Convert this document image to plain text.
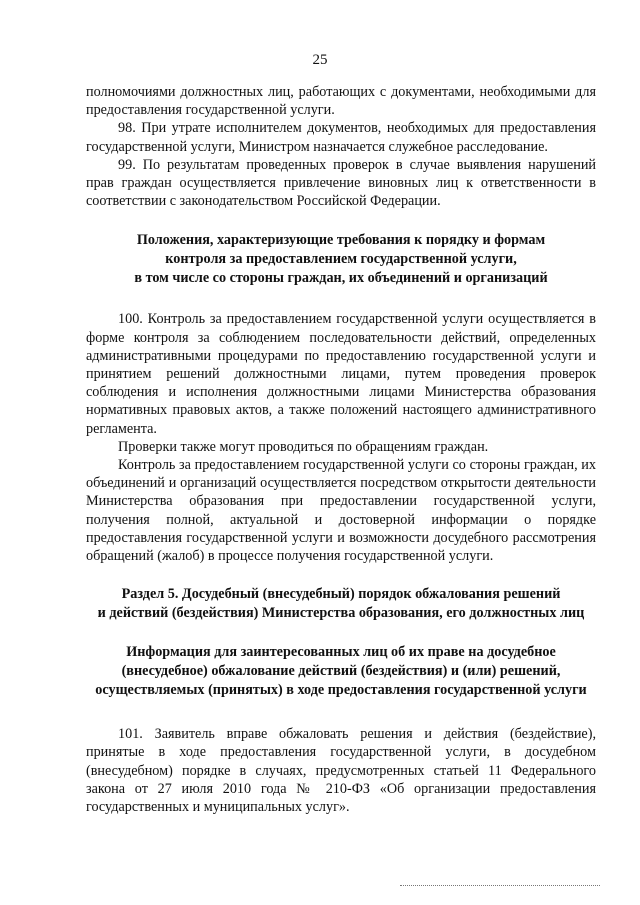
25

полномочиями должностных лиц, работающих с документами, необходимыми для предоставления государственной услуги.

98. При утрате исполнителем документов, необходимых для предоставления государственной услуги, Министром назначается служебное расследование.

99. По результатам проведенных проверок в случае выявления нарушений прав граждан осуществляется привлечение виновных лиц к ответственности в соответствии с законодательством Российской Федерации.

Положения, характеризующие требования к порядку и формам
контроля за предоставлением государственной услуги,
в том числе со стороны граждан, их объединений и организаций

100. Контроль за предоставлением государственной услуги осуществляется в форме контроля за соблюдением последовательности действий, определенных административными процедурами по предоставлению государственной услуги и принятием решений должностными лицами, путем проведения проверок соблюдения и исполнения должностными лицами Министерства образования нормативных правовых актов, а также положений настоящего административного регламента.

Проверки также могут проводиться по обращениям граждан.

Контроль за предоставлением государственной услуги со стороны граждан, их объединений и организаций осуществляется посредством открытости деятельности Министерства образования при предоставлении государственной услуги, получения полной, актуальной и достоверной информации о порядке предоставления государственной услуги и возможности досудебного рассмотрения обращений (жалоб) в процессе получения государственной услуги.

Раздел 5. Досудебный (внесудебный) порядок обжалования решений
и действий (бездействия) Министерства образования, его должностных лиц
Информация для заинтересованных лиц об их праве на досудебное
(внесудебное) обжалование действий (бездействия) и (или) решений,
осуществляемых (принятых) в ходе предоставления государственной услуги

101. Заявитель вправе обжаловать решения и действия (бездействие), принятые в ходе предоставления государственной услуги, в досудебном (внесудебном) порядке в случаях, предусмотренных статьей 11 Федерального закона от 27 июля 2010 года № 210-ФЗ «Об организации предоставления государственных и муниципальных услуг».
